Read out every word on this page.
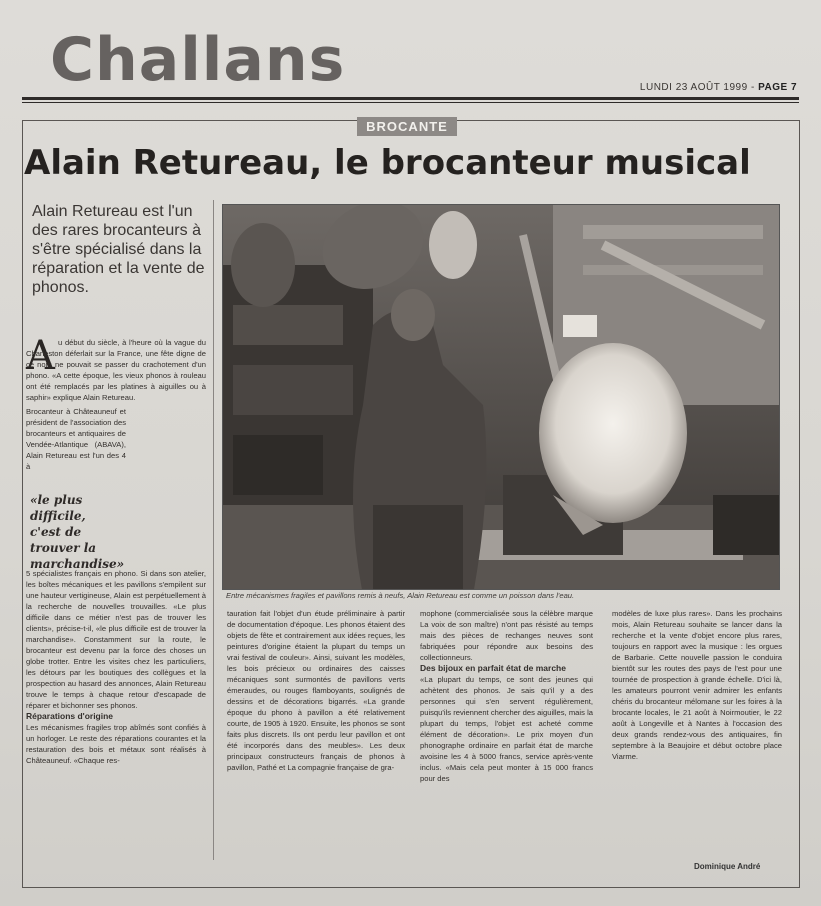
Challans	LUNDI 23 AOÛT 1999 - PAGE 7
BROCANTE
Alain Retureau, le brocanteur musical
Alain Retureau est l'un des rares brocanteurs à s'être spécialisé dans la réparation et la vente de phonos.
Entre mécanismes fragiles et pavillons remis à neufs, Alain Retureau est comme un poisson dans l'eau.
A u début du siècle, à l'heure où la vague du Charleston déferlait sur la France, une fête digne de ce nom ne pouvait se passer du crachotement d'un phono. «A cette époque, les vieux phonos à rouleau ont été remplacés par les platines à aiguilles ou à saphir» explique Alain Retureau.

Brocanteur à Châteauneuf et président de l'association des brocanteurs et antiquaires de Vendée-Atlantique (ABAVA), Alain Retureau est l'un des 4 à

«le plus difficile, c'est de trouver la marchandise»

5 spécialistes français en phono. Si dans son atelier, les boîtes mécaniques et les pavillons s'empilent sur une hauteur vertigineuse, Alain est perpétuellement à la recherche de nouvelles trouvailles. «Le plus difficile dans ce métier n'est pas de trouver les clients», précise-t-il, «le plus difficile est de trouver la marchandise». Constamment sur la route, le brocanteur est devenu par la force des choses un globe trotter. Entre les visites chez les particuliers, les détours par les boutiques des collègues et la prospection au hasard des annonces, Alain Retureau trouve le temps à chaque retour d'escapade de réparer et bichonner ses phonos.

Réparations d'origine

Les mécanismes fragiles trop abîmés sont confiés à un horloger. Le reste des réparations courantes et la restauration des bois et métaux sont réalisés à Châteauneuf. «Chaque res-

tauration fait l'objet d'un étude préliminaire à partir de documentation d'époque. Les phonos étaient des objets de fête et contrairement aux idées reçues, les peintures d'origine étaient la plupart du temps un vrai festival de couleur». Ainsi, suivant les modèles, les bois précieux ou ordinaires des caisses mécaniques sont surmontés de pavillons verts émeraudes, ou rouges flamboyants, soulignés de dessins et de décorations bigarrés. «La grande époque du phono à pavillon a été relativement courte, de 1905 à 1920. Ensuite, les phonos se sont faits plus discrets. Ils ont perdu leur pavillon et ont été incorporés dans des meubles». Les deux principaux constructeurs français de phonos à pavillon, Pathé et La compagnie française de gra-

mophone (commercialisée sous la célèbre marque La voix de son maître) n'ont pas résisté au temps mais des pièces de rechanges neuves sont fabriquées pour répondre aux besoins des collectionneurs.

Des bijoux en parfait état de marche

«La plupart du temps, ce sont des jeunes qui achètent des phonos. Je sais qu'il y a des personnes qui s'en servent régulièrement, puisqu'ils reviennent chercher des aiguilles, mais la plupart du temps, l'objet est acheté comme élément de décoration». Le prix moyen d'un phonographe ordinaire en parfait état de marche avoisine les 4 à 5000 francs, service après-vente inclus. «Mais cela peut monter à 15 000 francs pour des

modèles de luxe plus rares». Dans les prochains mois, Alain Retureau souhaite se lancer dans la recherche et la vente d'objet encore plus rares, toujours en rapport avec la musique : les orgues de Barbarie. Cette nouvelle passion le conduira bientôt sur les routes des pays de l'est pour une tournée de prospection à grande échelle. D'ici là, les amateurs pourront venir admirer les enfants chéris du brocanteur mélomane sur les foires à la brocante locales, le 21 août à Noirmoutier, le 22 août à Longeville et à Nantes à l'occasion des deux grands rendez-vous des antiquaires, fin septembre à la Beaujoire et début octobre place Viarme.

Dominique André
